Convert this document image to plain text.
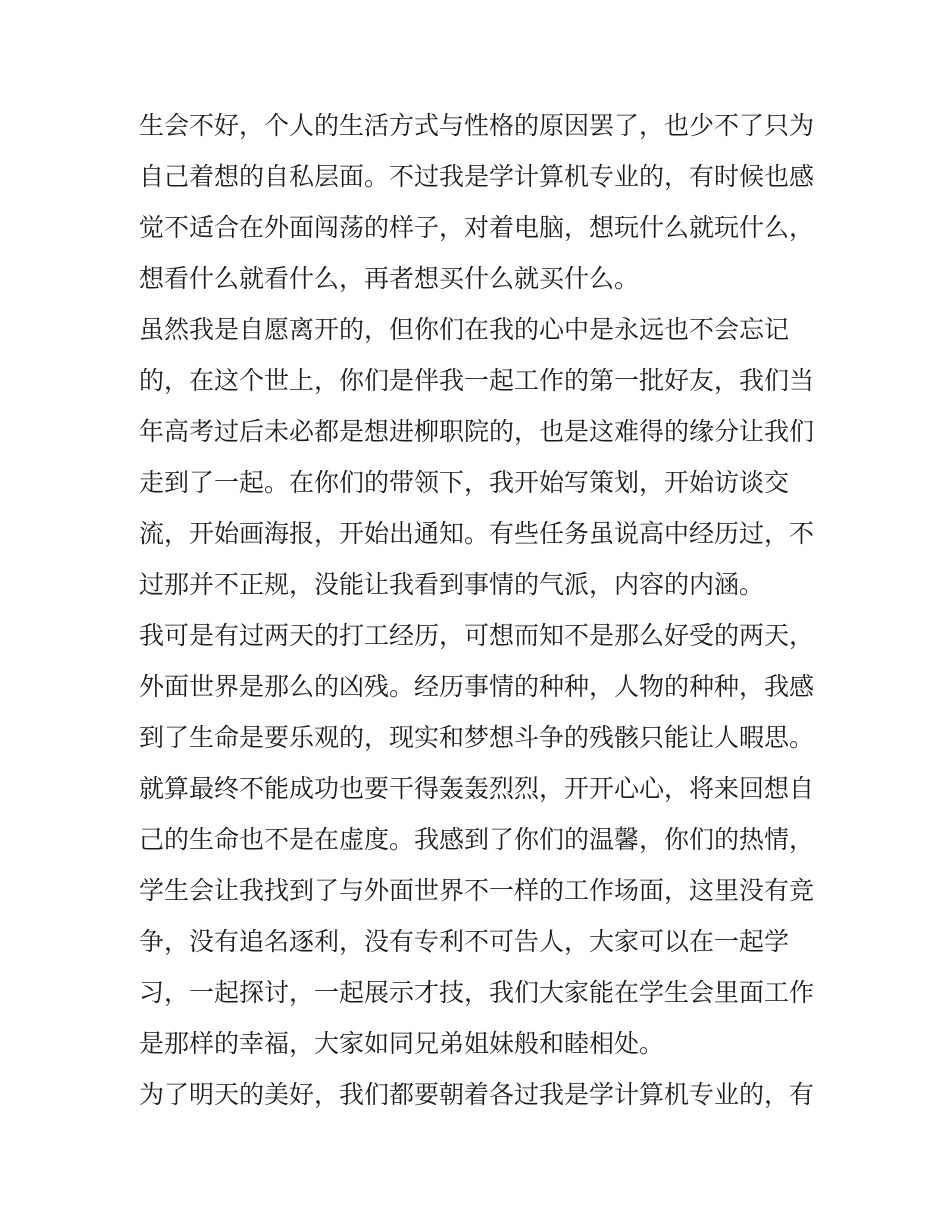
生会不好，个人的生活方式与性格的原因罢了，也少不了只为
自己着想的自私层面。不过我是学计算机专业的，有时候也感
觉不适合在外面闯荡的样子，对着电脑，想玩什么就玩什么，
想看什么就看什么，再者想买什么就买什么。
虽然我是自愿离开的，但你们在我的心中是永远也不会忘记
的，在这个世上，你们是伴我一起工作的第一批好友，我们当
年高考过后未必都是想进柳职院的，也是这难得的缘分让我们
走到了一起。在你们的带领下，我开始写策划，开始访谈交
流，开始画海报，开始出通知。有些任务虽说高中经历过，不
过那并不正规，没能让我看到事情的气派，内容的内涵。
我可是有过两天的打工经历，可想而知不是那么好受的两天，
外面世界是那么的凶残。经历事情的种种，人物的种种，我感
到了生命是要乐观的，现实和梦想斗争的残骸只能让人暇思。
就算最终不能成功也要干得轰轰烈烈，开开心心，将来回想自
己的生命也不是在虚度。我感到了你们的温馨，你们的热情，
学生会让我找到了与外面世界不一样的工作场面，这里没有竞
争，没有追名逐利，没有专利不可告人，大家可以在一起学
习，一起探讨，一起展示才技，我们大家能在学生会里面工作
是那样的幸福，大家如同兄弟姐妹般和睦相处。
为了明天的美好，我们都要朝着各过我是学计算机专业的，有
